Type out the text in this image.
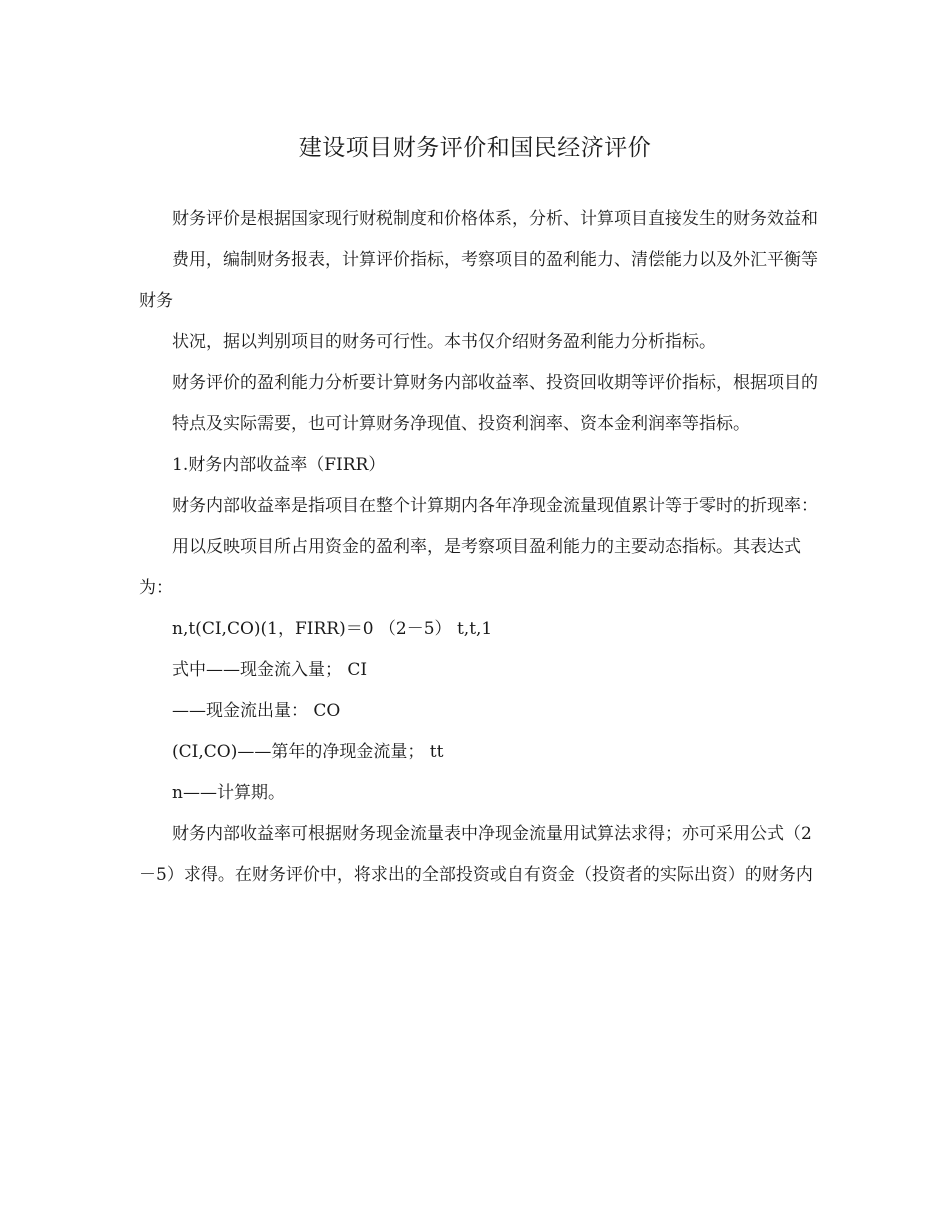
建设项目财务评价和国民经济评价

财务评价是根据国家现行财税制度和价格体系，分析、计算项目直接发生的财务效益和

费用，编制财务报表，计算评价指标，考察项目的盈利能力、清偿能力以及外汇平衡等财务

状况，据以判别项目的财务可行性。本书仅介绍财务盈利能力分析指标。

财务评价的盈利能力分析要计算财务内部收益率、投资回收期等评价指标，根据项目的

特点及实际需要，也可计算财务净现值、投资利润率、资本金利润率等指标。

1.财务内部收益率（FIRR）

财务内部收益率是指项目在整个计算期内各年净现金流量现值累计等于零时的折现率：

用以反映项目所占用资金的盈利率，是考察项目盈利能力的主要动态指标。其表达式为：

n,t(CI,CO)(1，FIRR)＝0 （2－5） t,t,1

式中——现金流入量； CI

——现金流出量： CO

(CI,CO)——第年的净现金流量； tt

n——计算期。

财务内部收益率可根据财务现金流量表中净现金流量用试算法求得；亦可采用公式（2－5）求得。在财务评价中，将求出的全部投资或自有资金（投资者的实际出资）的财务内
